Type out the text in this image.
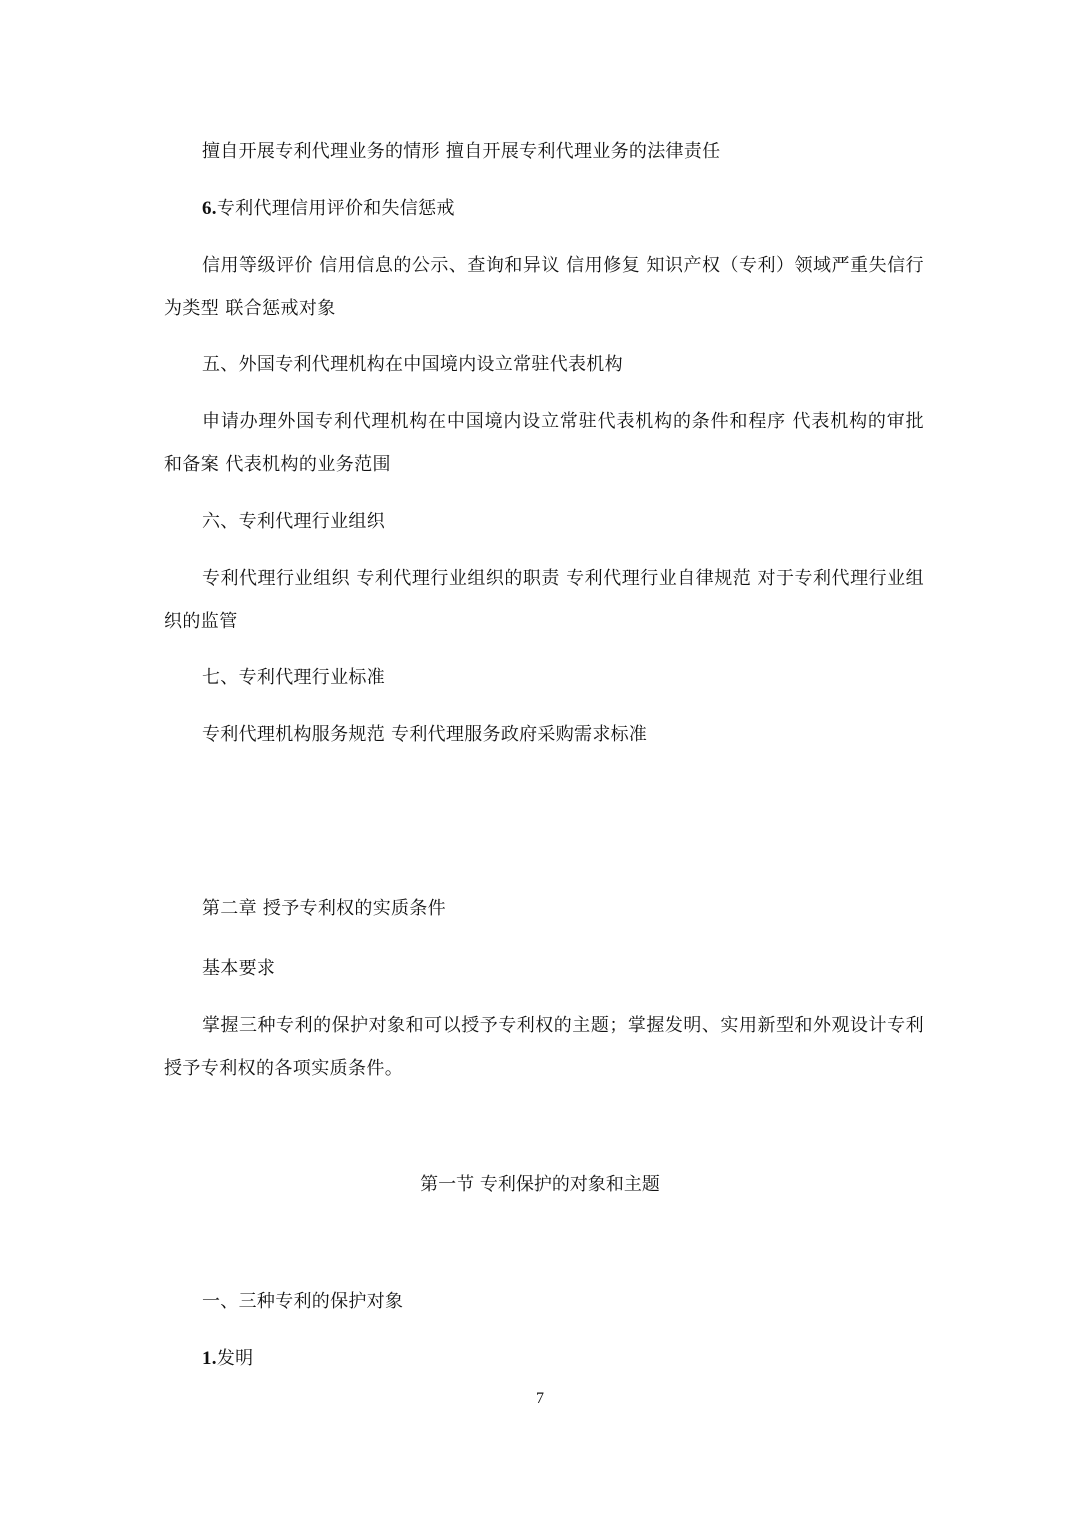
擅自开展专利代理业务的情形 擅自开展专利代理业务的法律责任
6.专利代理信用评价和失信惩戒
信用等级评价 信用信息的公示、查询和异议 信用修复 知识产权（专利）领域严重失信行为类型 联合惩戒对象
五、外国专利代理机构在中国境内设立常驻代表机构
申请办理外国专利代理机构在中国境内设立常驻代表机构的条件和程序 代表机构的审批和备案 代表机构的业务范围
六、专利代理行业组织
专利代理行业组织 专利代理行业组织的职责 专利代理行业自律规范 对于专利代理行业组织的监管
七、专利代理行业标准
专利代理机构服务规范 专利代理服务政府采购需求标准
第二章 授予专利权的实质条件
基本要求
掌握三种专利的保护对象和可以授予专利权的主题；掌握发明、实用新型和外观设计专利授予专利权的各项实质条件。
第一节 专利保护的对象和主题
一、三种专利的保护对象
1.发明
7
